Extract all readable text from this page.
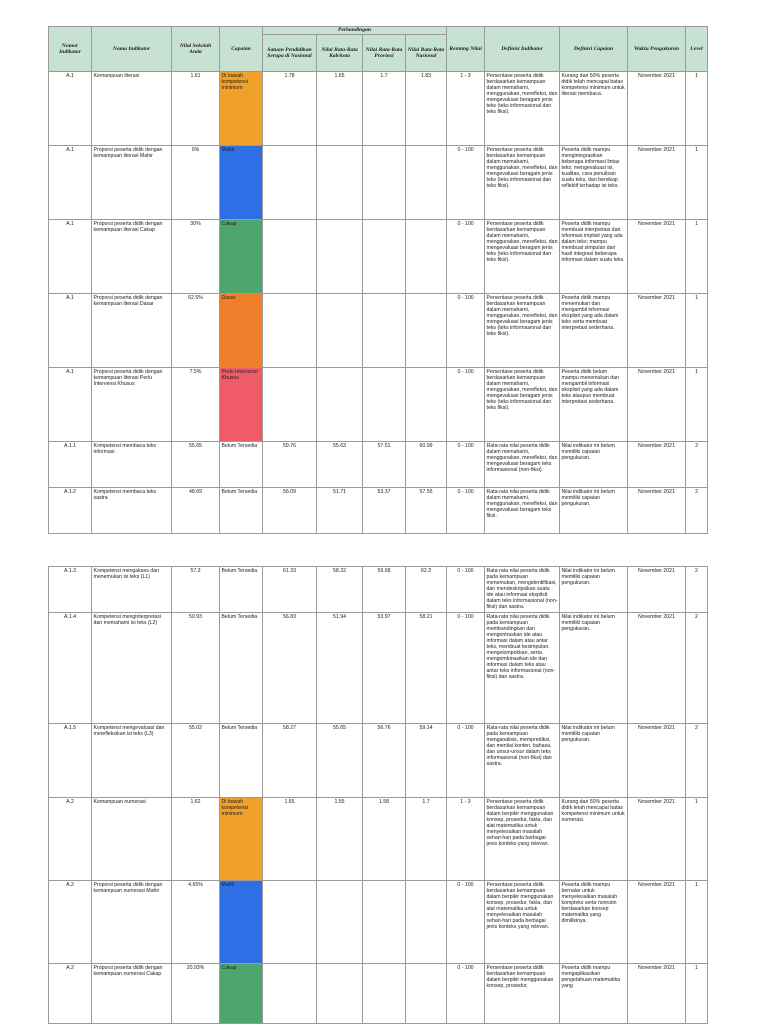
Nomor Indikator	Nama Indikator	Nilai Sekolah Anda	Capaian	Perbandingan				Rentang Nilai	Definisi Indikator	Definisi Capaian	Waktu Pengukuran	Level
				Satuan Pendidikan Serupa di Nasional	Nilai Rata-Rata Kab/kota	Nilai Rata-Rata Provinsi	Nilai Rata-Rata Nasional					
A.1	Kemampuan literasi	1.61	Di bawah kompetensi minimum	1.78	1.65	1.7	1.83	1 - 3	Persentase peserta didik berdasarkan kemampuan dalam memahami, menggunakan, merefleksi, dan mengevaluasi beragam jenis teks (teks informasional dan teks fiksi).	Kurang dari 50% peserta didik telah mencapai batas kompetensi minimum untuk literasi membaca.	November 2021	1
A.1	Proporsi peserta didik dengan kemampuan literasi Mahir	0%	Mahir					0 - 100	Persentase peserta didik berdasarkan kemampuan dalam memahami, menggunakan, merefleksi, dan mengevaluasi beragam jenis teks (teks informasional dan teks fiksi).	Peserta didik mampu mengintegrasikan beberapa informasi lintas teks; mengevaluasi isi, kualitas, cara penulisan suatu teks, dan bersikap reflektif terhadap isi teks.	November 2021	1
A.1	Proporsi peserta didik dengan kemampuan literasi Cakap	30%	Cakap					0 - 100	Persentase peserta didik berdasarkan kemampuan dalam memahami, menggunakan, merefleksi, dan mengevaluasi beragam jenis teks (teks informasional dan teks fiksi).	Peserta didik mampu membuat interpretasi dari informasi implisit yang ada dalam teks; mampu membuat simpulan dari hasil integrasi beberapa informasi dalam suatu teks.	November 2021	1
A.1	Proporsi peserta didik dengan kemampuan literasi Dasar	62.5%	Dasar					0 - 100	Persentase peserta didik berdasarkan kemampuan dalam memahami, menggunakan, merefleksi, dan mengevaluasi beragam jenis teks (teks informasional dan teks fiksi).	Peserta didik mampu menemukan dan mengambil informasi eksplisit yang ada dalam teks serta membuat interpretasi sederhana.	November 2021	1
A.1	Proporsi peserta didik dengan kemampuan literasi Perlu Intervensi Khusus	7.5%	Perlu Intervensi Khusus					0 - 100	Persentase peserta didik berdasarkan kemampuan dalam memahami, menggunakan, merefleksi, dan mengevaluasi beragam jenis teks (teks informasional dan teks fiksi).	Peserta didik belum mampu menemukan dan mengambil informasi eksplisit yang ada dalam teks ataupun membuat interpretasi sederhana.	November 2021	1
A.1.1	Kompetensi membaca teks informasi	55.65	Belum Tersedia	59.76	55.63	57.51	60.99	0 - 100	Rata-rata nilai peserta didik dalam memahami, menggunakan, merefleksi, dan mengevaluasi beragam teks informasional (non-fiksi).	Nilai indikator ini belum memiliki capaian pengukuran.	November 2021	2
A.1.2	Kompetensi membaca teks sastra	48.69	Belum Tersedia	56.09	51.71	53.37	57.55	0 - 100	Rata-rata nilai peserta didik dalam memahami, menggunakan, merefleksi, dan mengevaluasi beragam teks fiksi.	Nilai indikator ini belum memiliki capaian pengukuran.	November 2021	2
A.1.3	Kompetensi mengakses dan menemukan isi teks (L1)	57.3	Belum Tersedia	61.33	58.32	59.68	62.3	0 - 100	Rata-rata nilai peserta didik pada kemampuan menemukan, mengidentifikasi, dan mendeskripsikan suatu ide atau informasi eksplisit dalam teks informasional (non-fiksi) dan sastra.	Nilai indikator ini belum memiliki capaian pengukuran.	November 2021	2
A.1.4	Kompetensi menginterpretasi dan memahami isi teks (L2)	50.93	Belum Tersedia	56.83	51.94	53.97	58.21	0 - 100	Rata-rata nilai peserta didik pada kemampuan membandingkan dan mengontraskan ide atau informasi dalam atau antar teks, membuat kesimpulan, mengelompokkan, serta mengombinasikan ide dan informasi dalam teks atau antar teks informasional (non-fiksi) dan sastra.	Nilai indikator ini belum memiliki capaian pengukuran.	November 2021	2
A.1.5	Kompetensi mengevaluasi dan merefleksikan isi teks (L3)	55.02	Belum Tersedia	58.27	55.65	56.76	59.14	0 - 100	Rata-rata nilai peserta didik pada kemampuan menganalisis, memprediksi, dan menilai konten, bahasa, dan unsur-unsur dalam teks informasional (non-fiksi) dan sastra.	Nilai indikator ini belum memiliki capaian pengukuran.	November 2021	2
A.2	Kemampuan numerasi	1.62	Di bawah kompetensi minimum	1.65	1.55	1.58	1.7	1 - 3	Persentase peserta didik berdasarkan kemampuan dalam berpikir menggunakan konsep, prosedur, fakta, dan alat matematika untuk menyelesaikan masalah sehari-hari pada berbagai jenis konteks yang relevan.	Kurang dari 50% peserta didik telah mencapai batas kompetensi minimum untuk numerasi.	November 2021	1
A.2	Proporsi peserta didik dengan kemampuan numerasi Mahir	4.65%	Mahir					0 - 100	Persentase peserta didik berdasarkan kemampuan dalam berpikir menggunakan konsep, prosedur, fakta, dan alat matematika untuk menyelesaikan masalah sehari-hari pada berbagai jenis konteks yang relevan.	Peserta didik mampu bernalar untuk menyelesaikan masalah kompleks serta nonrutin berdasarkan konsep matematika yang dimilikinya.	November 2021	1
A.2	Proporsi peserta didik dengan kemampuan numerasi Cakap	20.93%	Cakap					0 - 100	Persentase peserta didik berdasarkan kemampuan dalam berpikir menggunakan konsep, prosedur,	Peserta didik mampu mengaplikasikan pengetahuan matematika yang	November 2021	1
